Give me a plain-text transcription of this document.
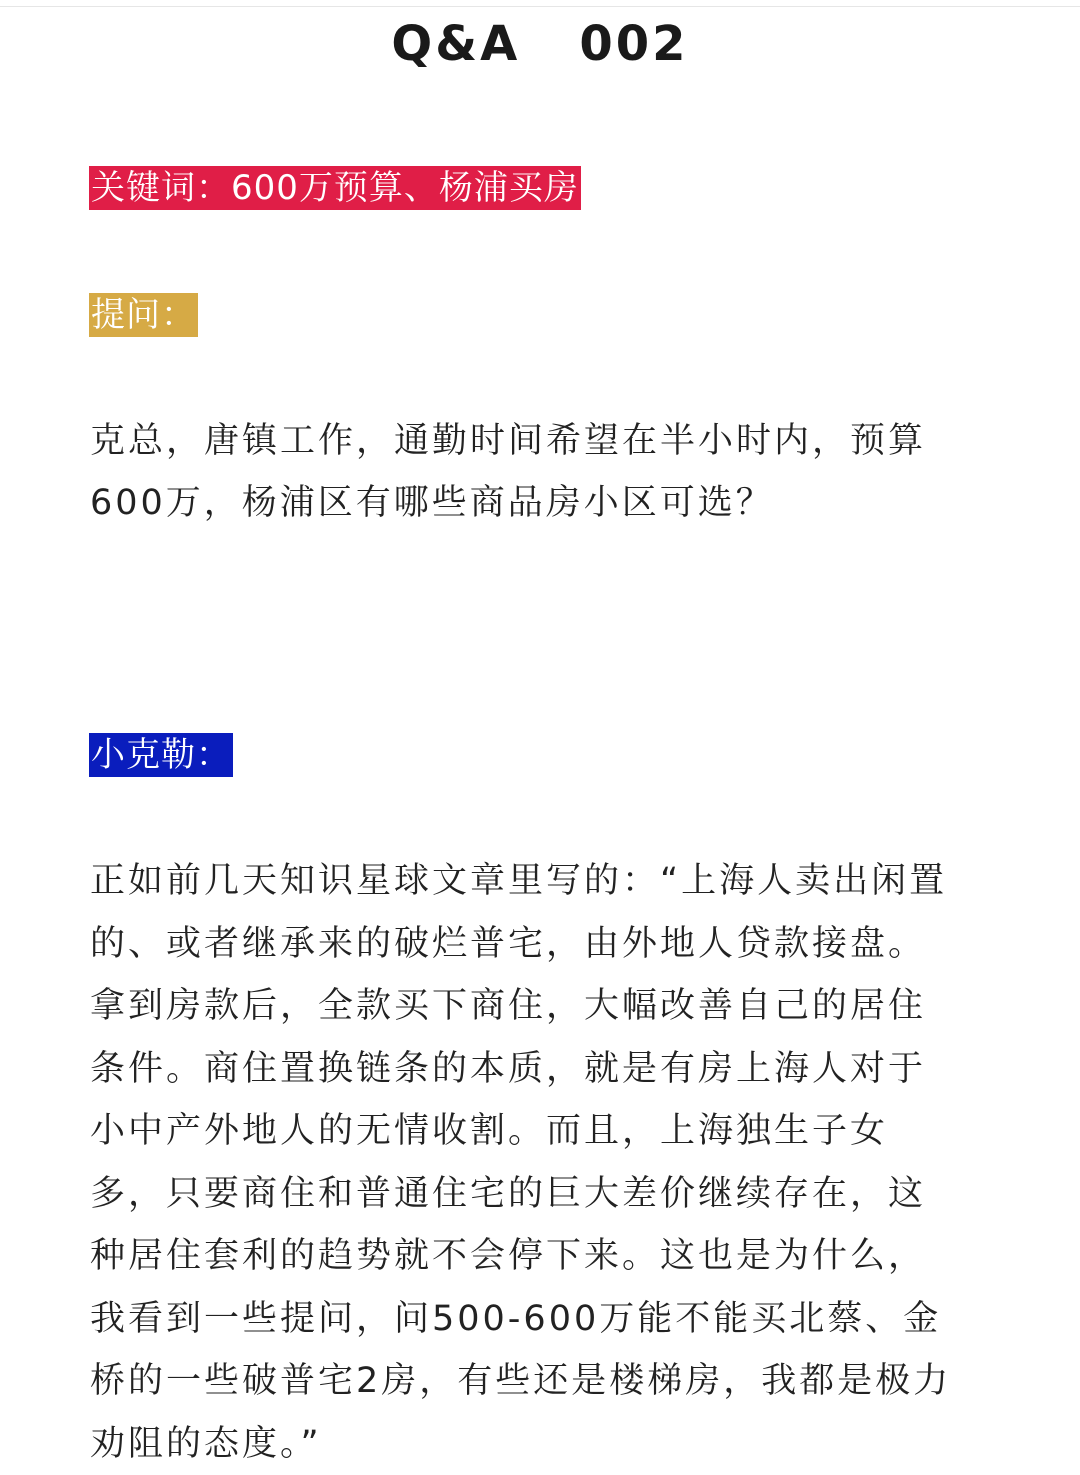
Q&A   002
关键词：600万预算、杨浦买房
提问：
克总，唐镇工作，通勤时间希望在半小时内，预算
600万，杨浦区有哪些商品房小区可选？
小克勒：
正如前几天知识星球文章里写的：“上海人卖出闲置
的、或者继承来的破烂普宅，由外地人贷款接盘。
拿到房款后，全款买下商住，大幅改善自己的居住
条件。商住置换链条的本质，就是有房上海人对于
小中产外地人的无情收割。而且，上海独生子女
多，只要商住和普通住宅的巨大差价继续存在，这
种居住套利的趋势就不会停下来。这也是为什么，
我看到一些提问，问500-600万能不能买北蔡、金
桥的一些破普宅2房，有些还是楼梯房，我都是极力
劝阻的态度。”
